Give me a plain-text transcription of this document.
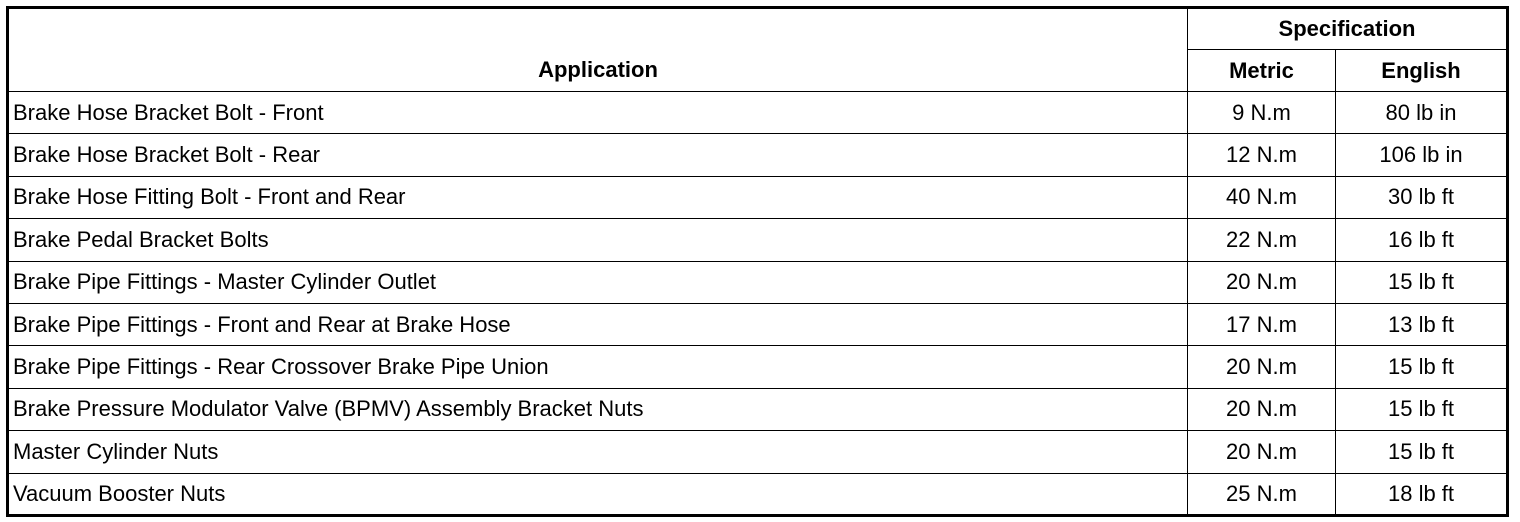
Application	Specification	
	Metric	English
Brake Hose Bracket Bolt - Front	9 N.m	80 lb in
Brake Hose Bracket Bolt - Rear	12 N.m	106 lb in
Brake Hose Fitting Bolt - Front and Rear	40 N.m	30 lb ft
Brake Pedal Bracket Bolts	22 N.m	16 lb ft
Brake Pipe Fittings - Master Cylinder Outlet	20 N.m	15 lb ft
Brake Pipe Fittings - Front and Rear at Brake Hose	17 N.m	13 lb ft
Brake Pipe Fittings - Rear Crossover Brake Pipe Union	20 N.m	15 lb ft
Brake Pressure Modulator Valve (BPMV) Assembly Bracket Nuts	20 N.m	15 lb ft
Master Cylinder Nuts	20 N.m	15 lb ft
Vacuum Booster Nuts	25 N.m	18 lb ft
